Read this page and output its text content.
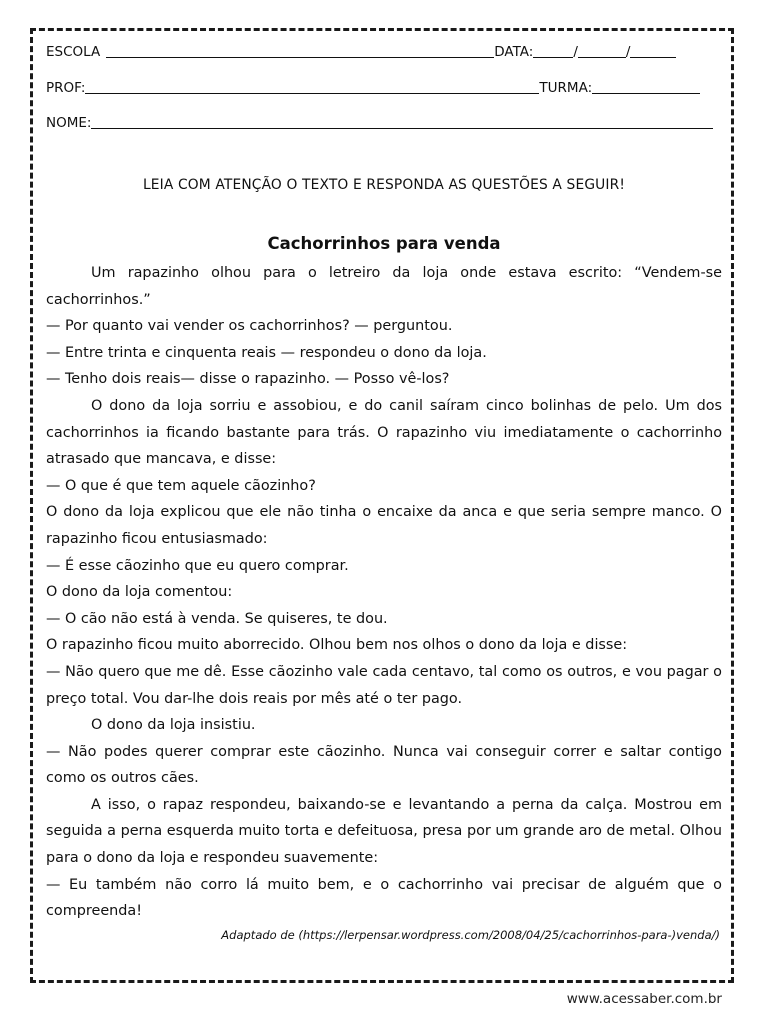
ESCOLA	DATA:	/	/
PROF:	TURMA:
NOME:
LEIA COM ATENÇÃO O TEXTO E RESPONDA AS QUESTÕES A SEGUIR!
Cachorrinhos para venda

Um rapazinho olhou para o letreiro da loja onde estava escrito: “Vendem-se cachorrinhos.”

— Por quanto vai vender os cachorrinhos? — perguntou.

— Entre trinta e cinquenta reais — respondeu o dono da loja.

— Tenho dois reais— disse o rapazinho. — Posso vê-los?

O dono da loja sorriu e assobiou, e do canil saíram cinco bolinhas de pelo. Um dos cachorrinhos ia ficando bastante para trás. O rapazinho viu imediatamente o cachorrinho atrasado que mancava, e disse:

— O que é que tem aquele cãozinho?

O dono da loja explicou que ele não tinha o encaixe da anca e que seria sempre manco. O rapazinho ficou entusiasmado:

— É esse cãozinho que eu quero comprar.

O dono da loja comentou:

— O cão não está à venda. Se quiseres, te dou.

O rapazinho ficou muito aborrecido. Olhou bem nos olhos o dono da loja e disse:

— Não quero que me dê. Esse cãozinho vale cada centavo, tal como os outros, e vou pagar o preço total. Vou dar-lhe dois reais por mês até o ter pago.

O dono da loja insistiu.

— Não podes querer comprar este cãozinho. Nunca vai conseguir correr e saltar contigo como os outros cães.

A isso, o rapaz respondeu, baixando-se e levantando a perna da calça. Mostrou em seguida a perna esquerda muito torta e defeituosa, presa por um grande aro de metal. Olhou para o dono da loja e respondeu suavemente:

— Eu também não corro lá muito bem, e o cachorrinho vai precisar de alguém que o compreenda!

Adaptado de (https://lerpensar.wordpress.com/2008/04/25/cachorrinhos-para-)venda/)
www.acessaber.com.br
